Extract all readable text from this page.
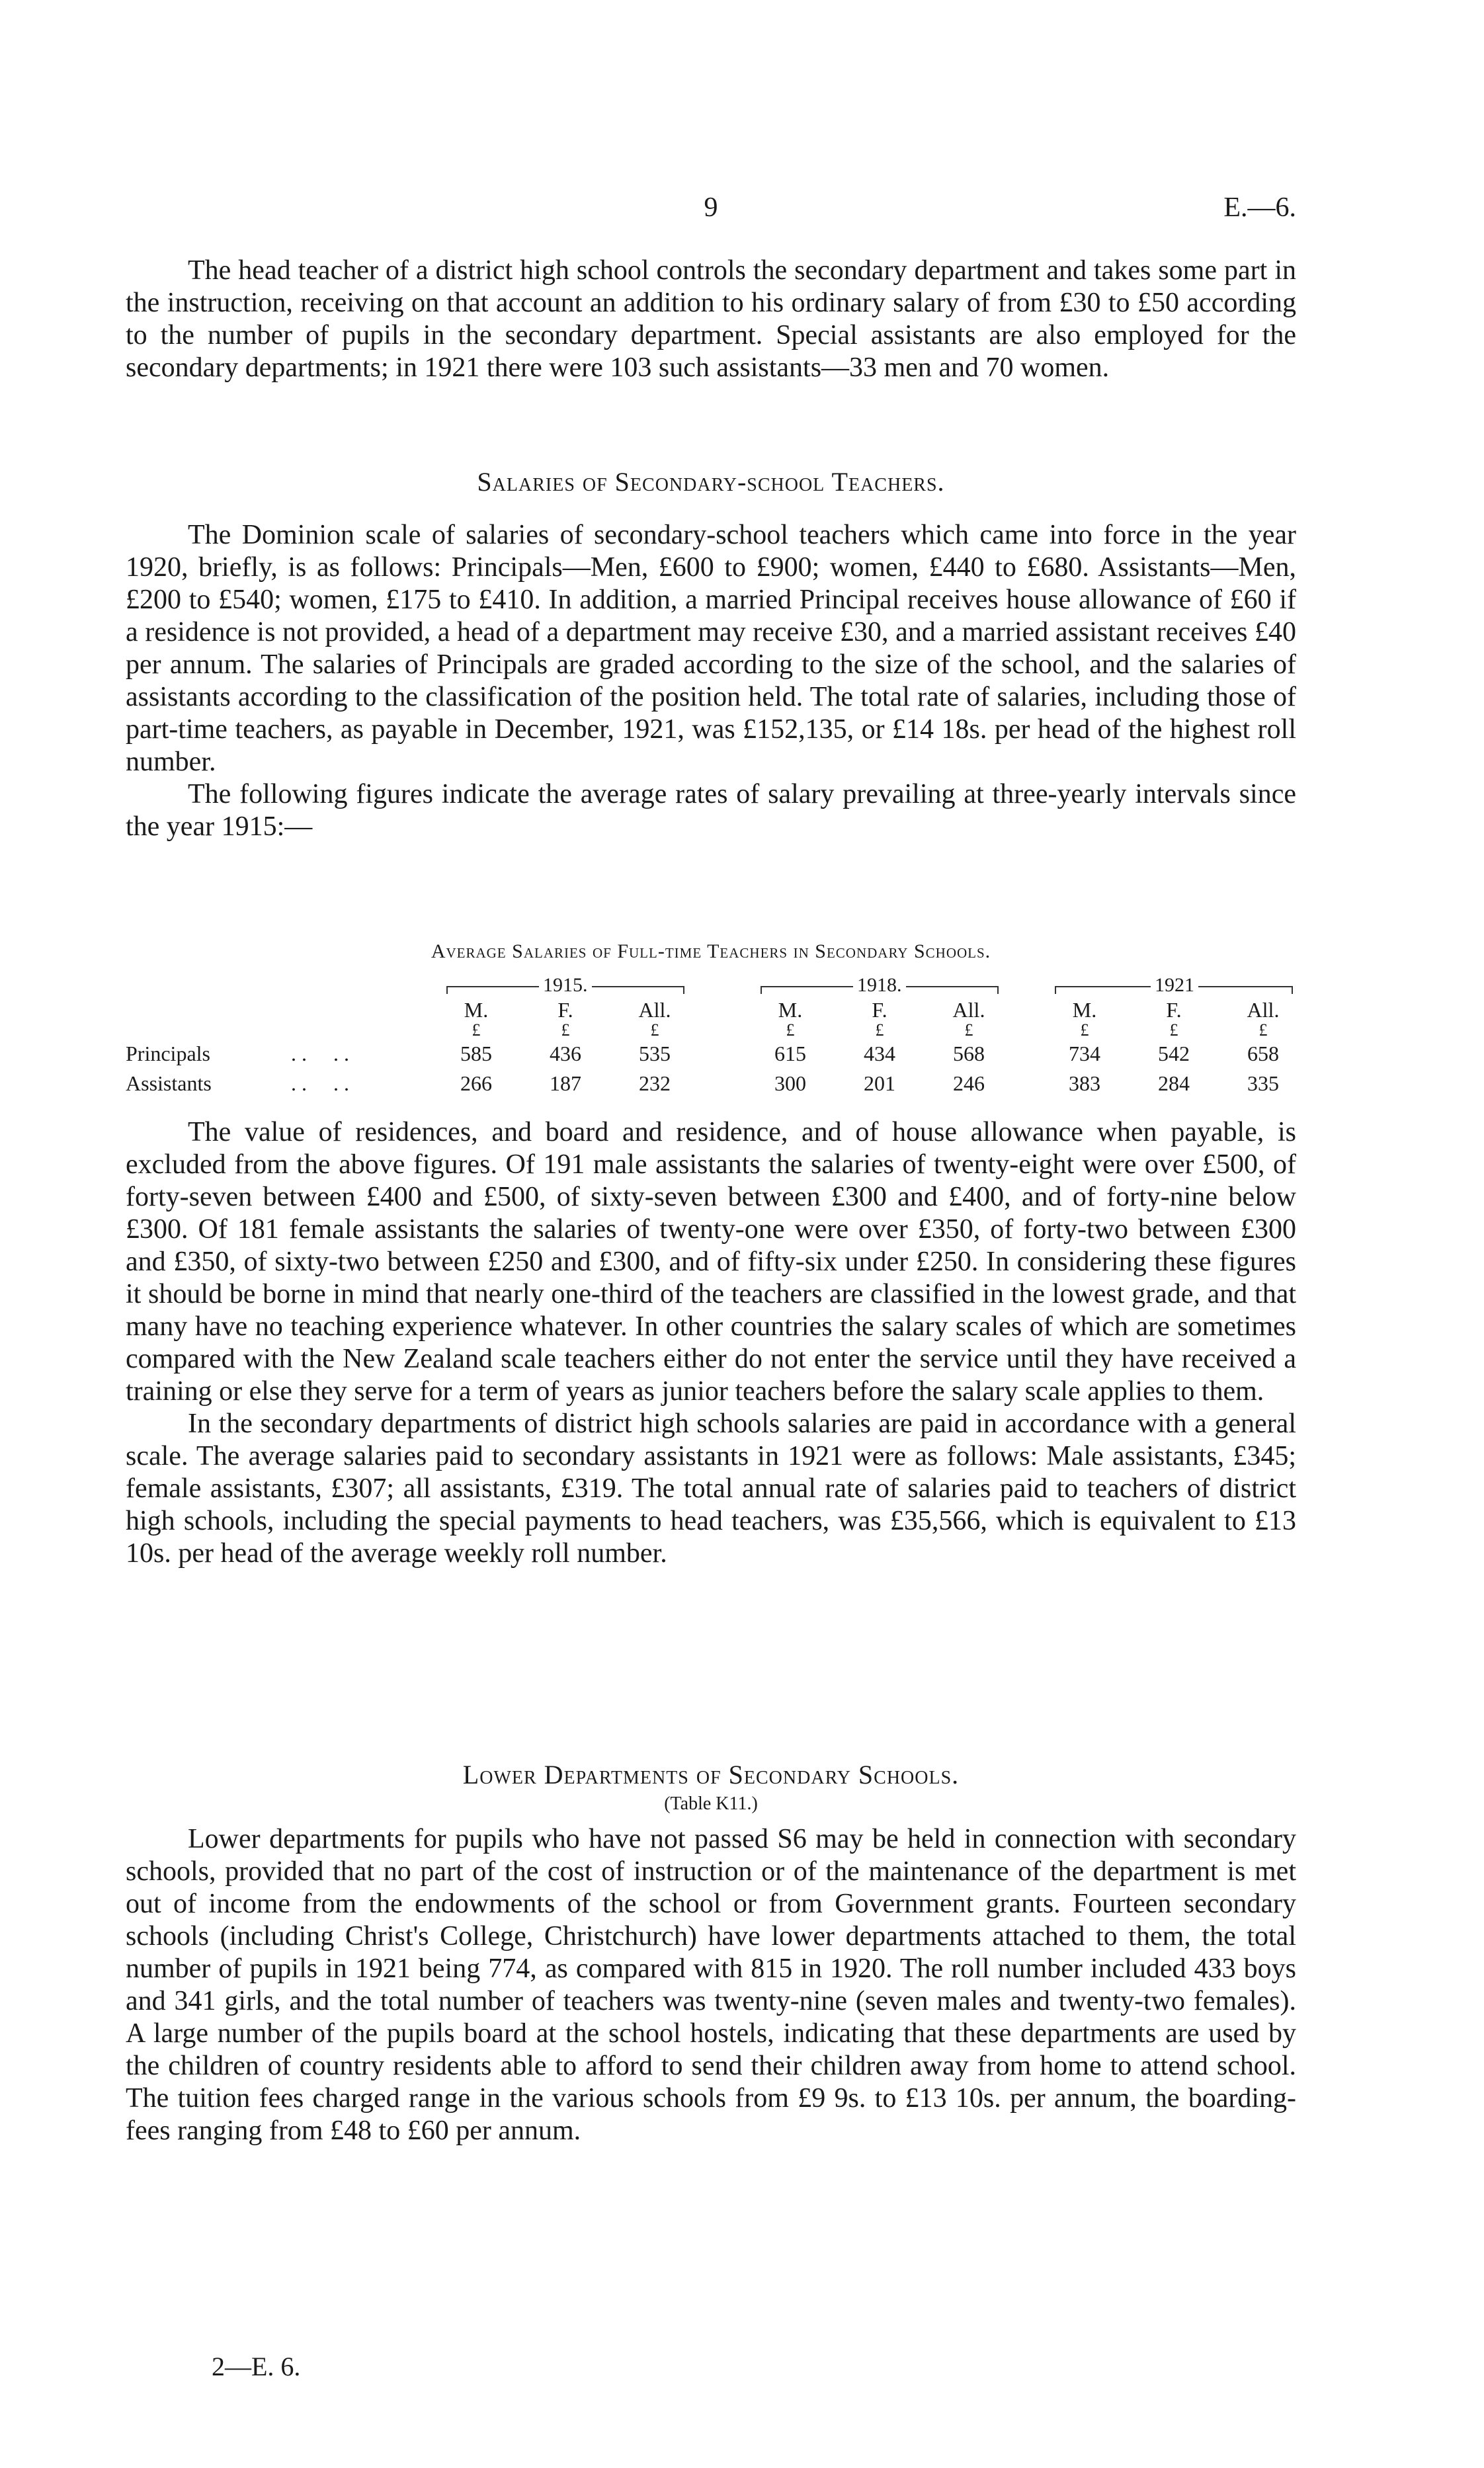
9	E.—6.

The head teacher of a district high school controls the secondary department and takes some part in the instruction, receiving on that account an addition to his ordinary salary of from £30 to £50 according to the number of pupils in the secondary department. Special assistants are also employed for the secondary departments; in 1921 there were 103 such assistants—33 men and 70 women.

Salaries of Secondary-school Teachers.

The Dominion scale of salaries of secondary-school teachers which came into force in the year 1920, briefly, is as follows: Principals—Men, £600 to £900; women, £440 to £680. Assistants—Men, £200 to £540; women, £175 to £410. In addition, a married Principal receives house allowance of £60 if a residence is not provided, a head of a department may receive £30, and a married assistant receives £40 per annum. The salaries of Principals are graded according to the size of the school, and the salaries of assistants according to the classification of the position held. The total rate of salaries, including those of part-time teachers, as payable in December, 1921, was £152,135, or £14 18s. per head of the highest roll number.

The following figures indicate the average rates of salary prevailing at three-yearly intervals since the year 1915:—

Average Salaries of Full-time Teachers in Secondary Schools.
1915.	1918.	1921
M.	F.	All.	M.	F.	All.	M.	F.	All.
£	£	£	£	£	£	£	£	£
Principals	. .     . .	585	436	535	615	434	568	734	542	658
Assistants	. .     . .	266	187	232	300	201	246	383	284	335

The value of residences, and board and residence, and of house allowance when payable, is excluded from the above figures. Of 191 male assistants the salaries of twenty-eight were over £500, of forty-seven between £400 and £500, of sixty-seven between £300 and £400, and of forty-nine below £300. Of 181 female assistants the salaries of twenty-one were over £350, of forty-two between £300 and £350, of sixty-two between £250 and £300, and of fifty-six under £250. In considering these figures it should be borne in mind that nearly one-third of the teachers are classified in the lowest grade, and that many have no teaching experience whatever. In other countries the salary scales of which are sometimes compared with the New Zealand scale teachers either do not enter the service until they have received a training or else they serve for a term of years as junior teachers before the salary scale applies to them.

In the secondary departments of district high schools salaries are paid in accordance with a general scale. The average salaries paid to secondary assistants in 1921 were as follows: Male assistants, £345; female assistants, £307; all assistants, £319. The total annual rate of salaries paid to teachers of district high schools, including the special payments to head teachers, was £35,566, which is equivalent to £13 10s. per head of the average weekly roll number.

Lower Departments of Secondary Schools.
(Table K11.)

Lower departments for pupils who have not passed S6 may be held in connection with secondary schools, provided that no part of the cost of instruction or of the maintenance of the department is met out of income from the endowments of the school or from Government grants. Fourteen secondary schools (including Christ's College, Christchurch) have lower departments attached to them, the total number of pupils in 1921 being 774, as compared with 815 in 1920. The roll number included 433 boys and 341 girls, and the total number of teachers was twenty-nine (seven males and twenty-two females). A large number of the pupils board at the school hostels, indicating that these departments are used by the children of country residents able to afford to send their children away from home to attend school. The tuition fees charged range in the various schools from £9 9s. to £13 10s. per annum, the boarding-fees ranging from £48 to £60 per annum.

2—E. 6.
